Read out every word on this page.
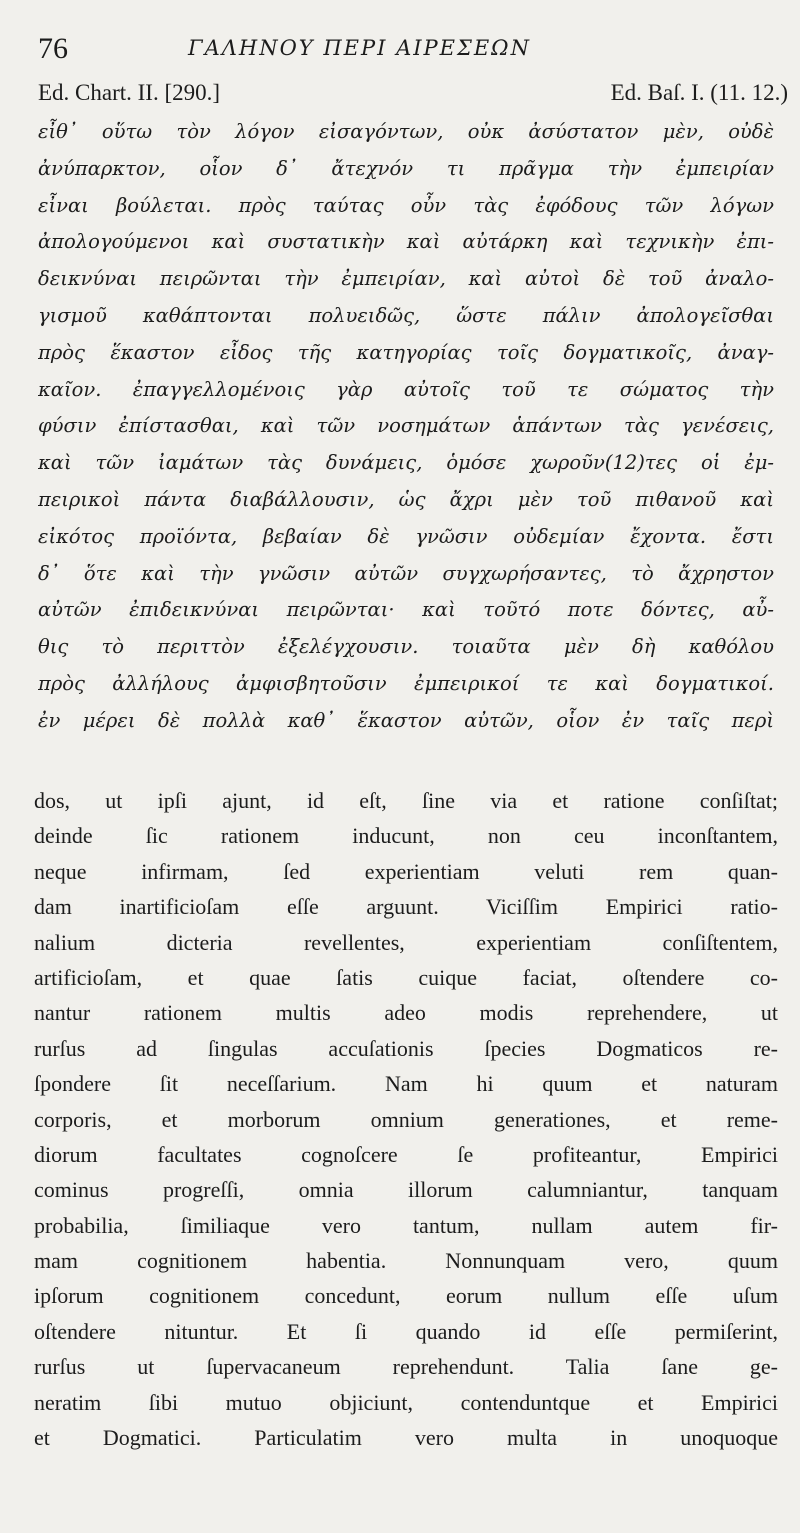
76	ΓΑΛΗΝΟΥ ΠΕΡΙ ΑΙΡΕΣΕΩΝ
Ed. Chart. II. [290.]	Ed. Baſ. I. (11. 12.)
εἶθ᾽ οὕτω τὸν λόγον εἰσαγόντων, οὐκ ἀσύστατον μὲν, οὐδὲ
ἀνύπαρκτον, οἷον δ᾽ ἄτεχνόν τι πρᾶγμα τὴν ἐμπειρίαν
εἶναι βούλεται. πρὸς ταύτας οὖν τὰς ἐφόδους τῶν λόγων
ἀπολογούμενοι καὶ συστατικὴν καὶ αὐτάρκη καὶ τεχνικὴν ἐπι-
δεικνύναι πειρῶνται τὴν ἐμπειρίαν, καὶ αὐτοὶ δὲ τοῦ ἀναλο-
γισμοῦ καθάπτονται πολυειδῶς, ὥστε πάλιν ἀπολογεῖσθαι
πρὸς ἕκαστον εἶδος τῆς κατηγορίας τοῖς δογματικοῖς, ἀναγ-
καῖον. ἐπαγγελλομένοις γὰρ αὐτοῖς τοῦ τε σώματος τὴν
φύσιν ἐπίστασθαι, καὶ τῶν νοσημάτων ἁπάντων τὰς γενέσεις,
καὶ τῶν ἰαμάτων τὰς δυνάμεις, ὁμόσε χωροῦν(12)τες οἱ ἐμ-
πειρικοὶ πάντα διαβάλλουσιν, ὡς ἄχρι μὲν τοῦ πιθανοῦ καὶ
εἰκότος προϊόντα, βεβαίαν δὲ γνῶσιν οὐδεμίαν ἔχοντα. ἔστι
δ᾽ ὅτε καὶ τὴν γνῶσιν αὐτῶν συγχωρήσαντες, τὸ ἄχρηστον
αὐτῶν ἐπιδεικνύναι πειρῶνται· καὶ τοῦτό ποτε δόντες, αὖ-
θις τὸ περιττὸν ἐξελέγχουσιν. τοιαῦτα μὲν δὴ καθόλου
πρὸς ἀλλήλους ἀμφισβητοῦσιν ἐμπειρικοί τε καὶ δογματικοί.
ἐν μέρει δὲ πολλὰ καθ᾽ ἕκαστον αὐτῶν, οἷον ἐν ταῖς περὶ
dos, ut ipſi ajunt, id eſt, ſine via et ratione conſiſtat;
deinde ſic rationem inducunt, non ceu inconſtantem,
neque infirmam, ſed experientiam veluti rem quan-
dam inartificioſam eſſe arguunt. Viciſſim Empirici ratio-
nalium dicteria revellentes, experientiam conſiſtentem,
artificioſam, et quae ſatis cuique faciat, oſtendere co-
nantur rationem multis adeo modis reprehendere, ut
rurſus ad ſingulas accuſationis ſpecies Dogmaticos re-
ſpondere ſit neceſſarium. Nam hi quum et naturam
corporis, et morborum omnium generationes, et reme-
diorum facultates cognoſcere ſe profiteantur, Empirici
cominus progreſſi, omnia illorum calumniantur, tanquam
probabilia, ſimiliaque vero tantum, nullam autem fir-
mam cognitionem habentia. Nonnunquam vero, quum
ipſorum cognitionem concedunt, eorum nullum eſſe uſum
oſtendere nituntur. Et ſi quando id eſſe permiſerint,
rurſus ut ſupervacaneum reprehendunt. Talia ſane ge-
neratim ſibi mutuo objiciunt, contenduntque et Empirici
et Dogmatici. Particulatim vero multa in unoquoque
